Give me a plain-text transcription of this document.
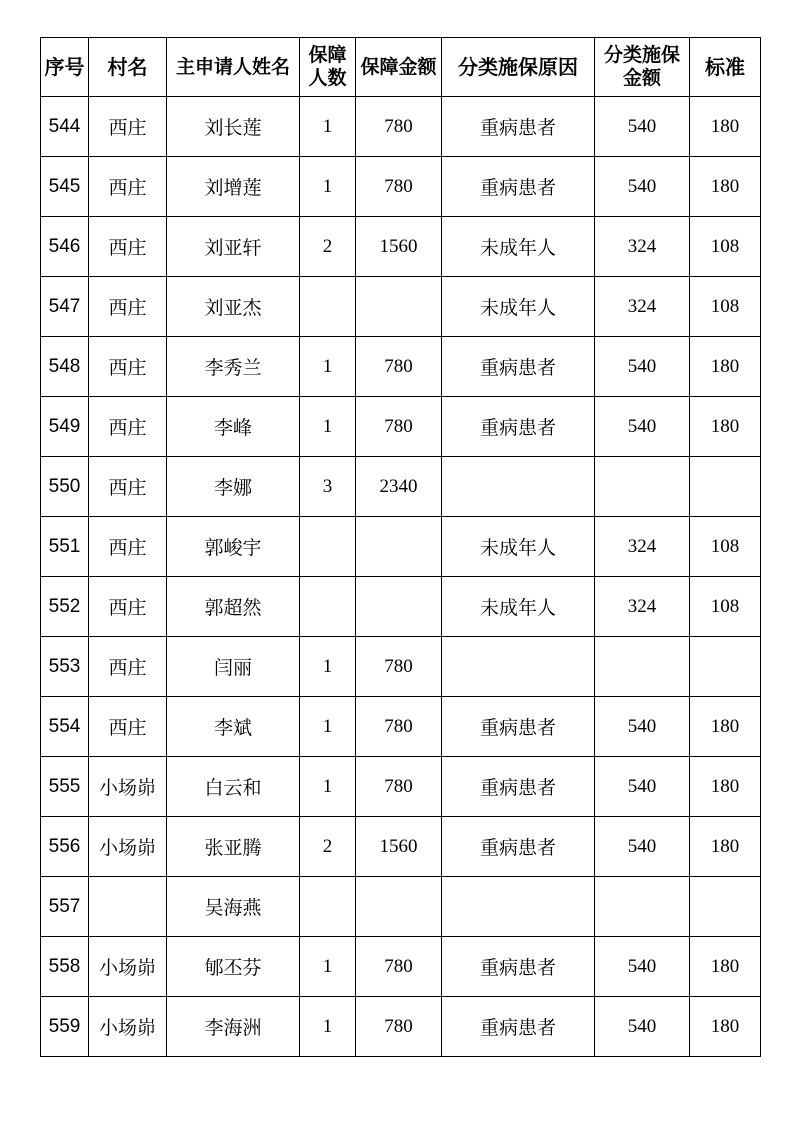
序号	村名	主申请人姓名	保障人数	保障金额	分类施保原因	分类施保金额	标准
544	西庄	刘长莲	1	780	重病患者	540	180
545	西庄	刘增莲	1	780	重病患者	540	180
546	西庄	刘亚轩	2	1560	未成年人	324	108
547	西庄	刘亚杰			未成年人	324	108
548	西庄	李秀兰	1	780	重病患者	540	180
549	西庄	李峰	1	780	重病患者	540	180
550	西庄	李娜	3	2340			
551	西庄	郭峻宇			未成年人	324	108
552	西庄	郭超然			未成年人	324	108
553	西庄	闫丽	1	780			
554	西庄	李斌	1	780	重病患者	540	180
555	小场峁	白云和	1	780	重病患者	540	180
556	小场峁	张亚腾	2	1560	重病患者	540	180
557		吴海燕					
558	小场峁	郇丕芬	1	780	重病患者	540	180
559	小场峁	李海洲	1	780	重病患者	540	180
